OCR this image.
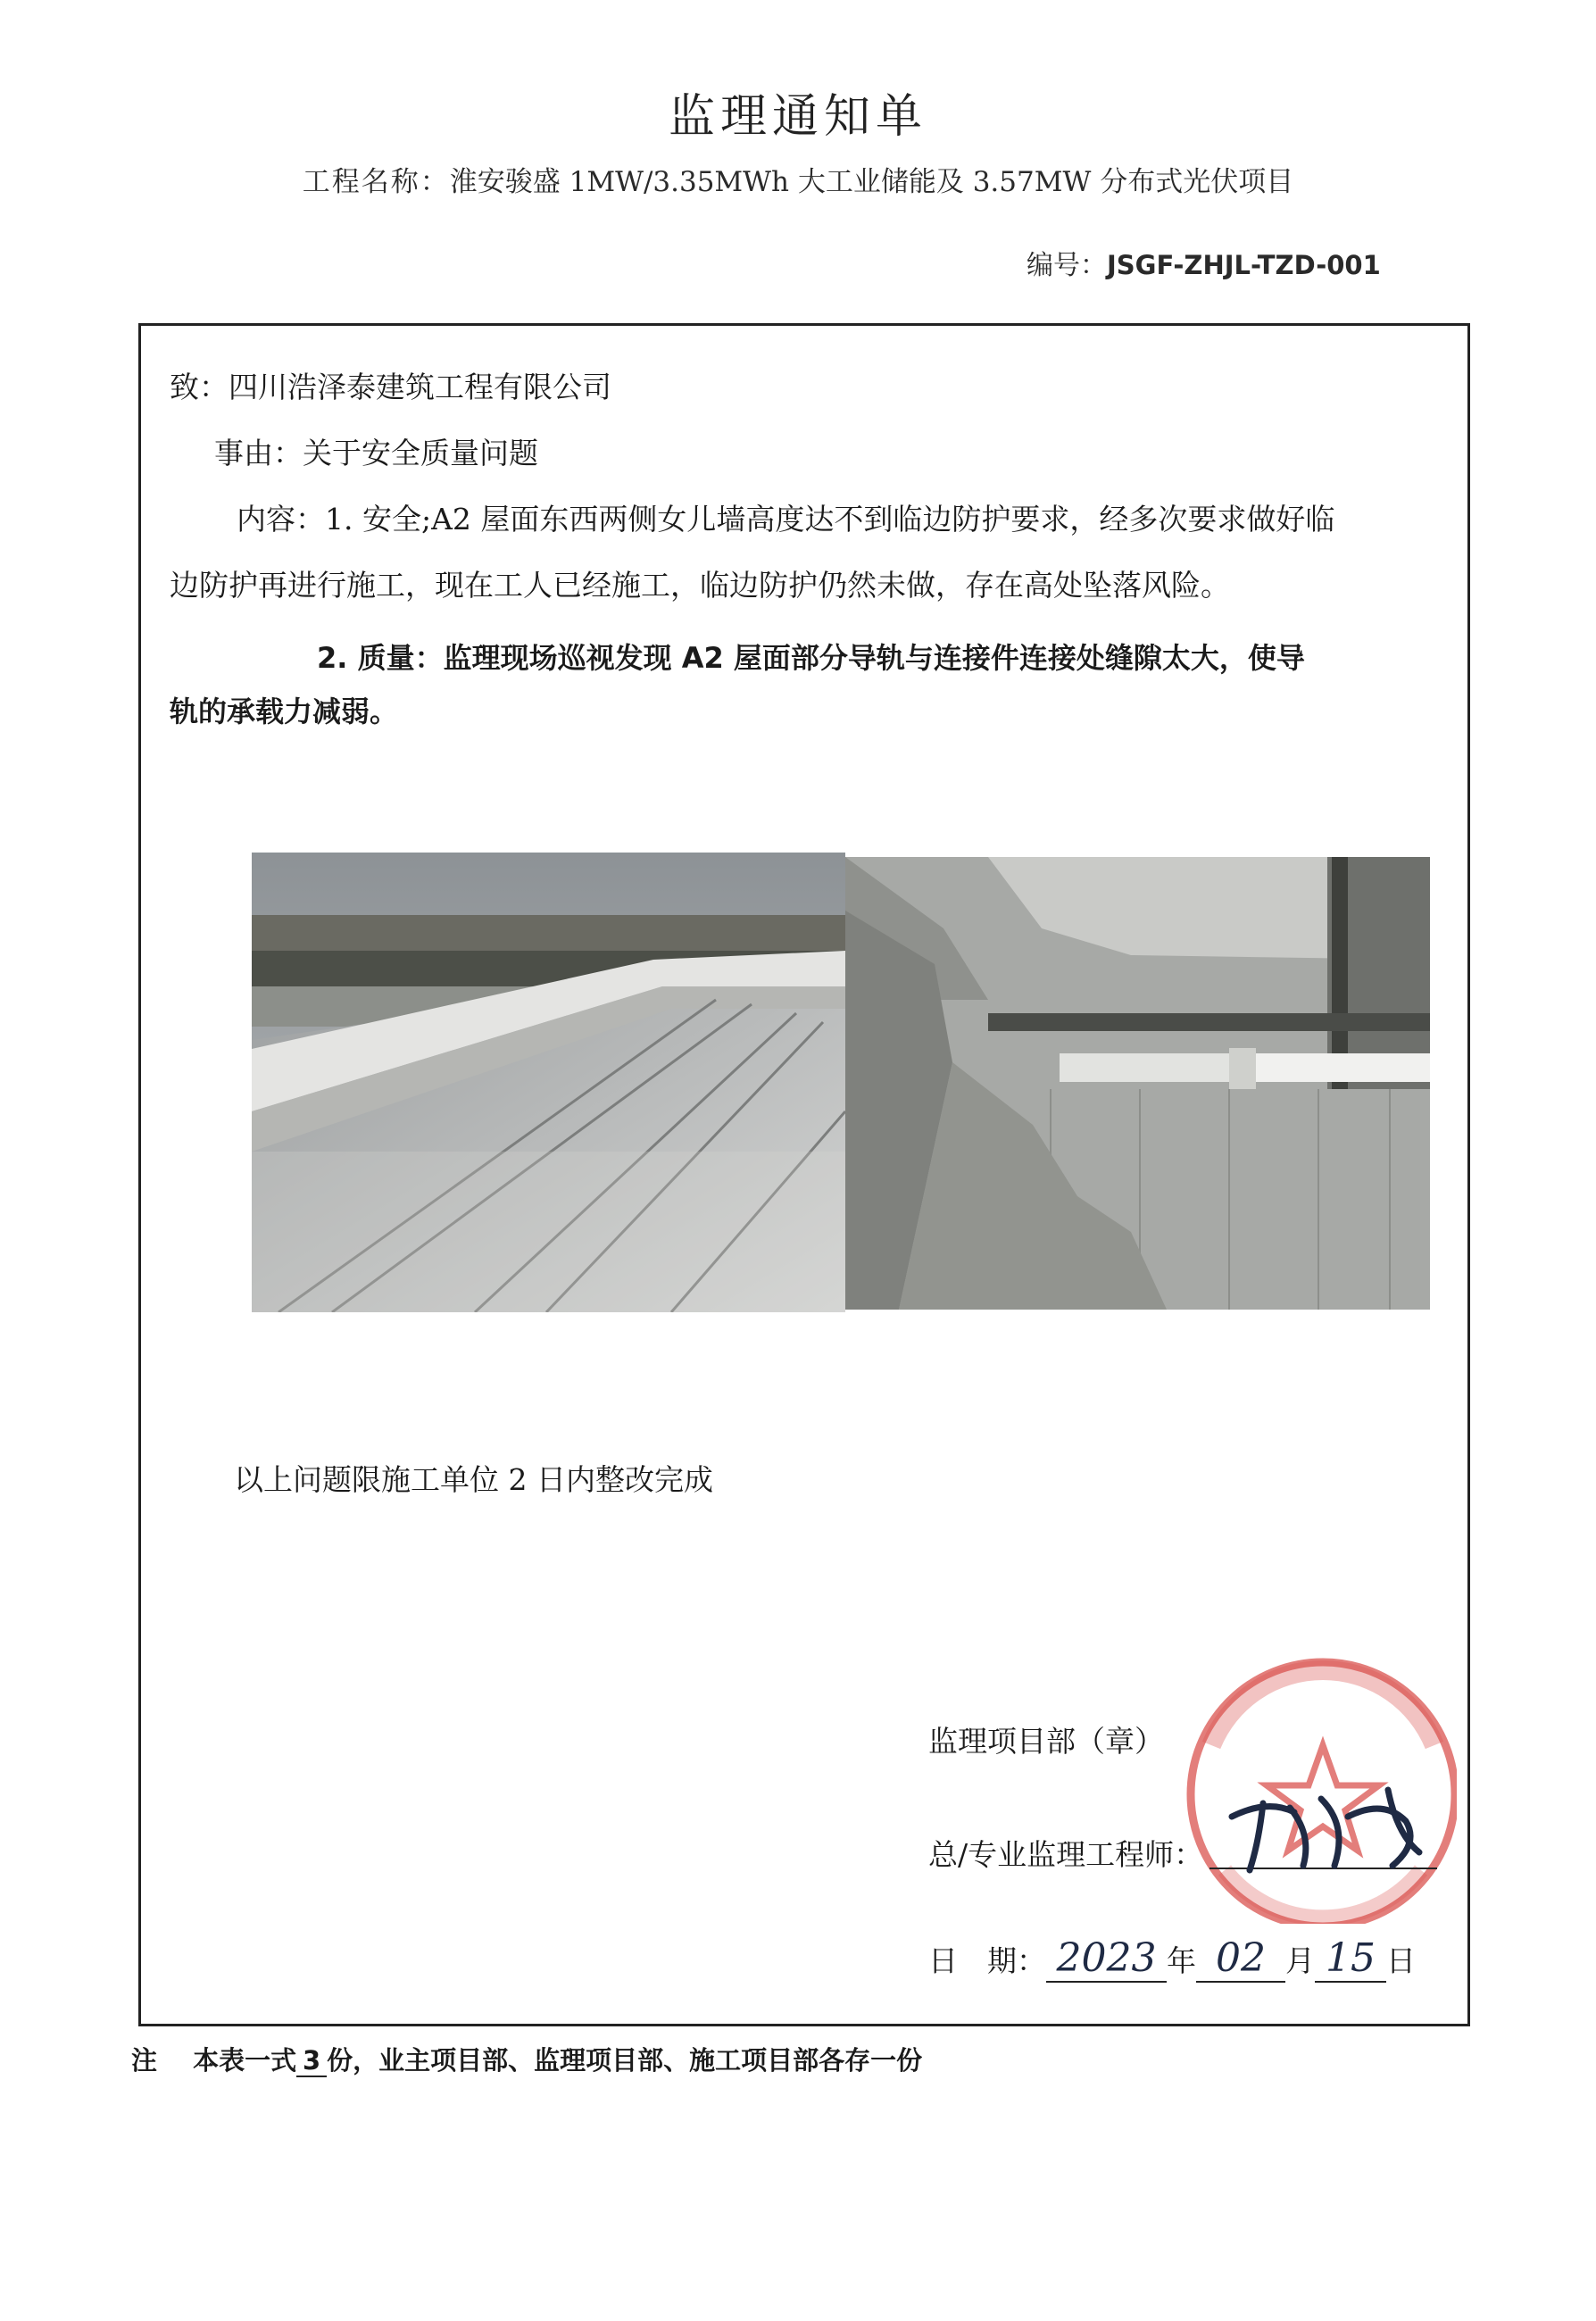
监理通知单
工程名称：淮安骏盛 1MW/3.35MWh 大工业储能及 3.57MW 分布式光伏项目
编号：JSGF-ZHJL-TZD-001
致：四川浩泽泰建筑工程有限公司
事由：关于安全质量问题
内容：1. 安全;A2 屋面东西两侧女儿墙高度达不到临边防护要求，经多次要求做好临
边防护再进行施工，现在工人已经施工，临边防护仍然未做，存在高处坠落风险。
2. 质量：监理现场巡视发现 A2 屋面部分导轨与连接件连接处缝隙太大，使导
轨的承载力减弱。
以上问题限施工单位 2 日内整改完成
监理项目部（章）
总/专业监理工程师：
日　期： 2023 年 02 月 15 日
注 本表一式 3 份，业主项目部、监理项目部、施工项目部各存一份
